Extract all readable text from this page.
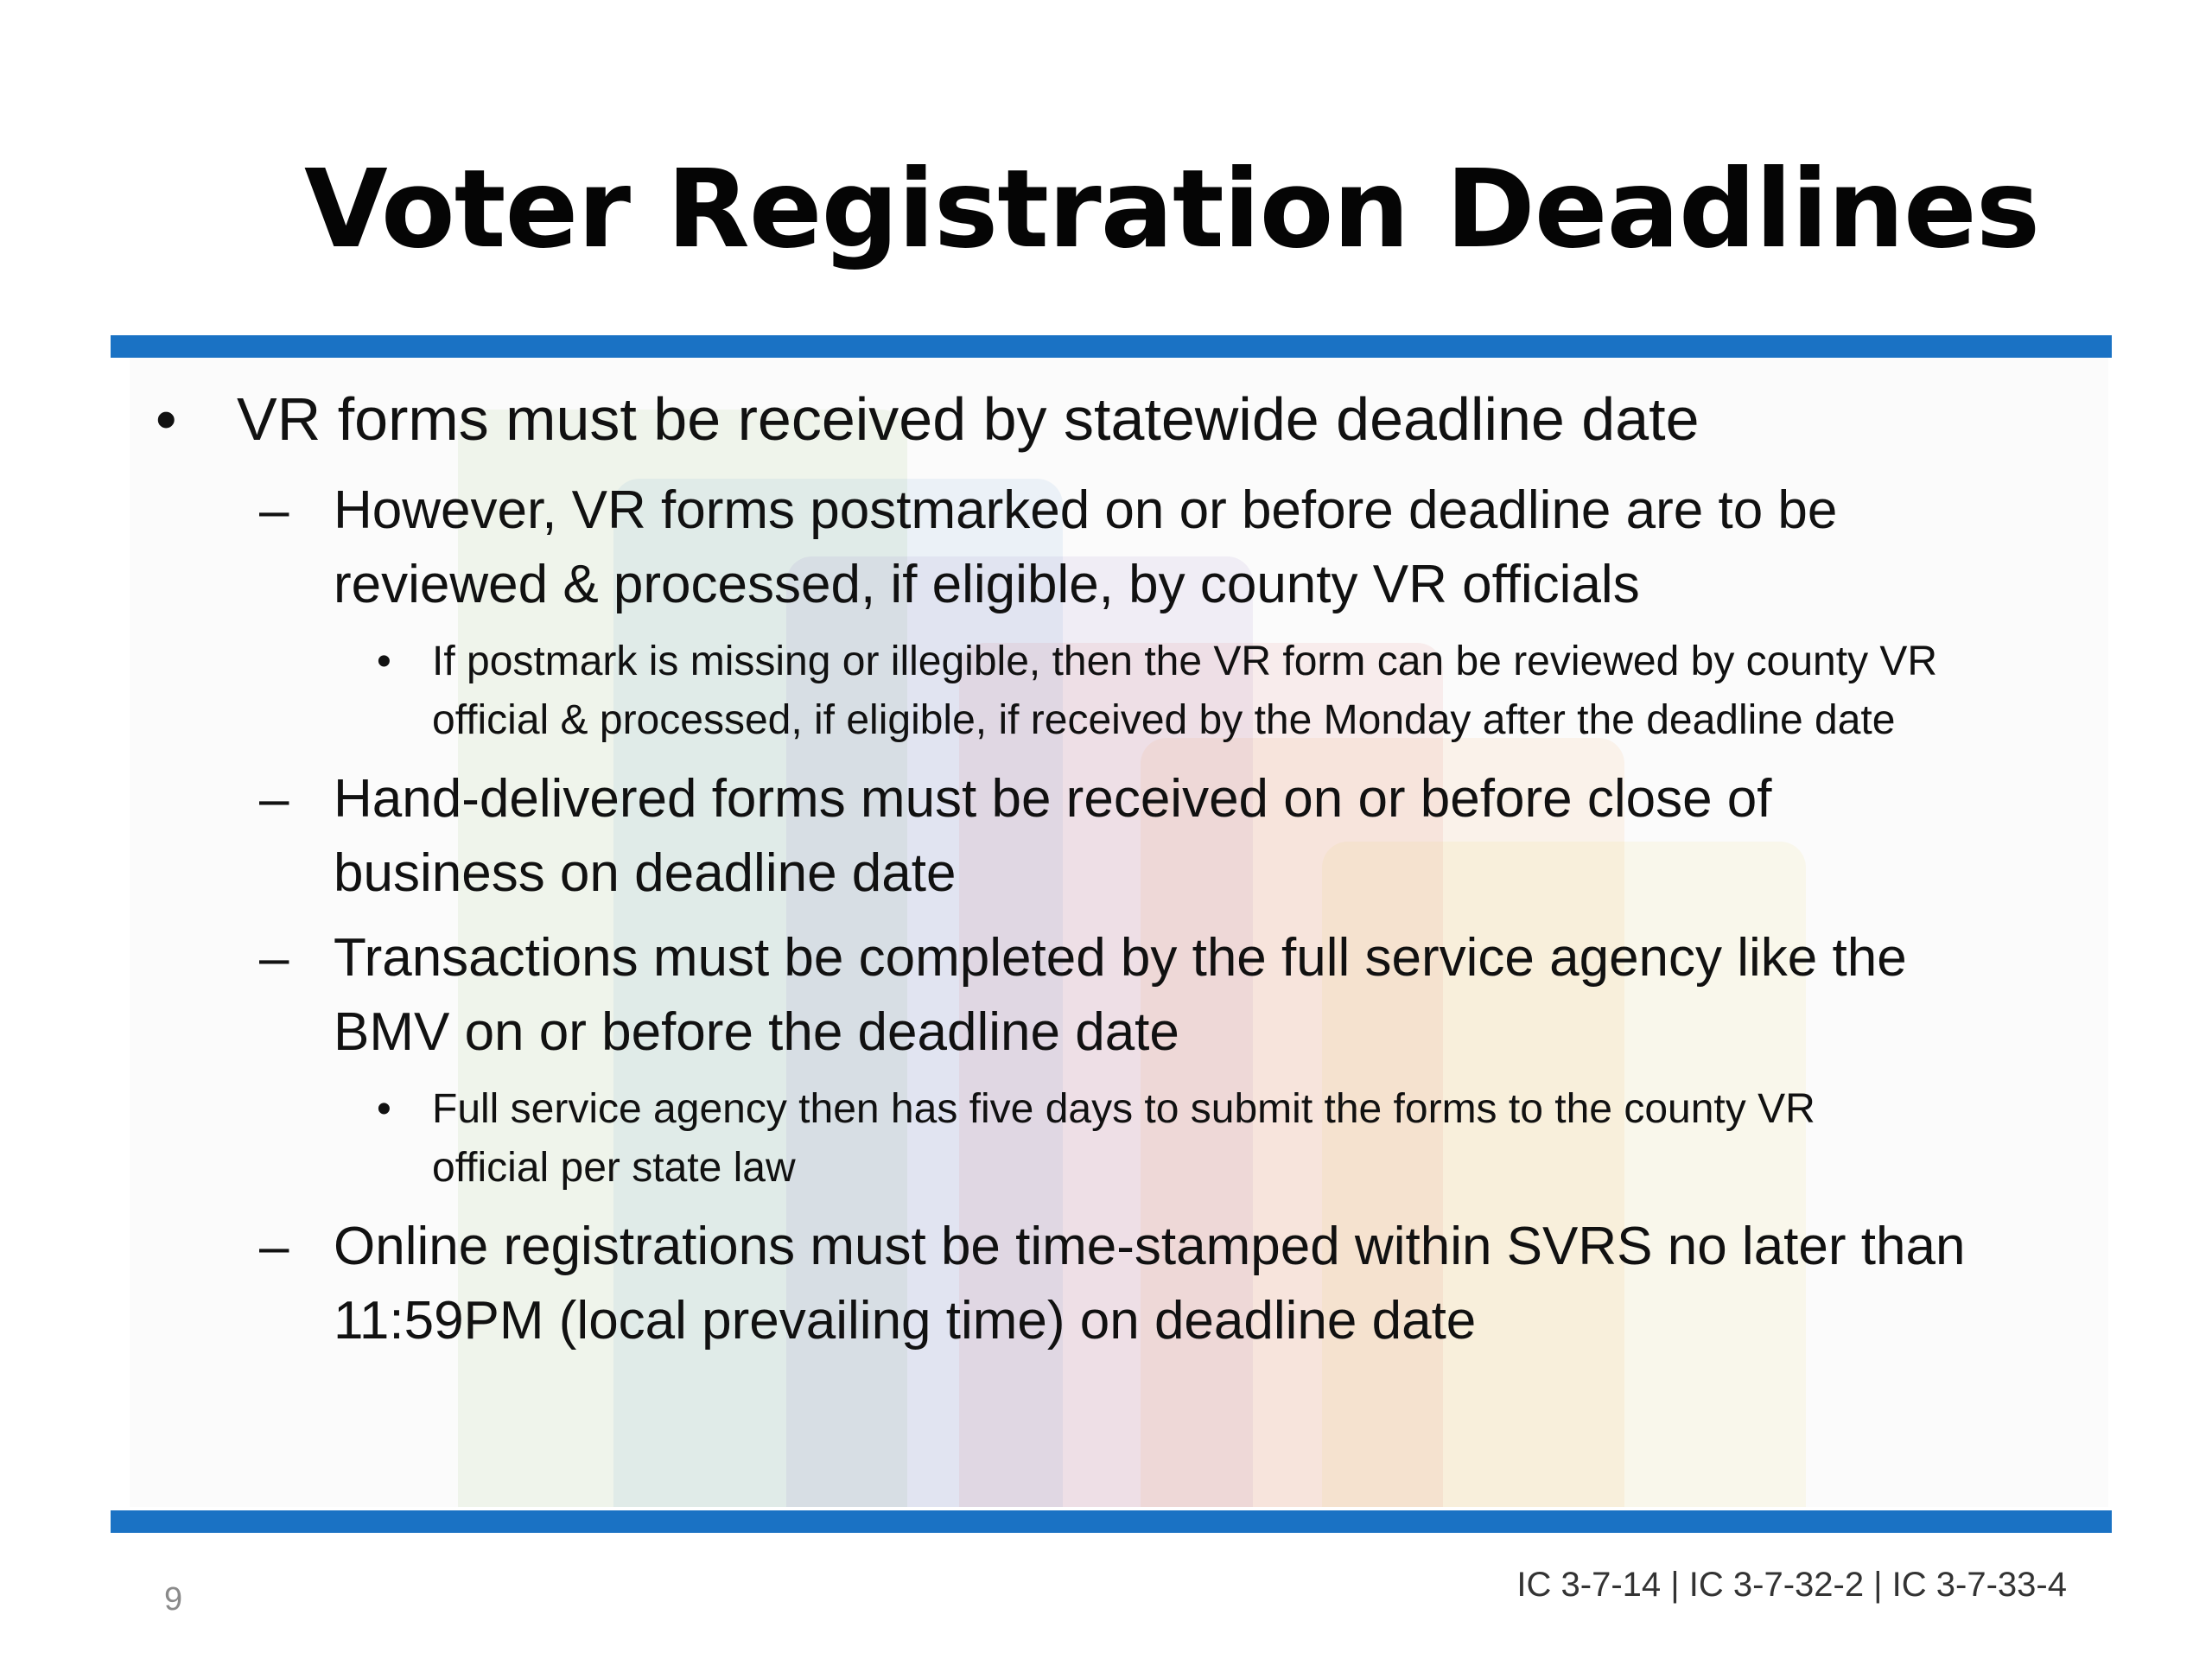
Voter Registration Deadlines
• VR forms must be received by statewide deadline date
– However, VR forms postmarked on or before deadline are to be
reviewed & processed, if eligible, by county VR officials
• If postmark is missing or illegible, then the VR form can be reviewed by county VR
official & processed, if eligible, if received by the Monday after the deadline date
– Hand-delivered forms must be received on or before close of
business on deadline date
– Transactions must be completed by the full service agency like the
BMV on or before the deadline date
• Full service agency then has five days to submit the forms to the county VR
official per state law
– Online registrations must be time-stamped within SVRS no later than
11:59PM (local prevailing time) on deadline date
9	IC 3-7-14 | IC 3-7-32-2 | IC 3-7-33-4
